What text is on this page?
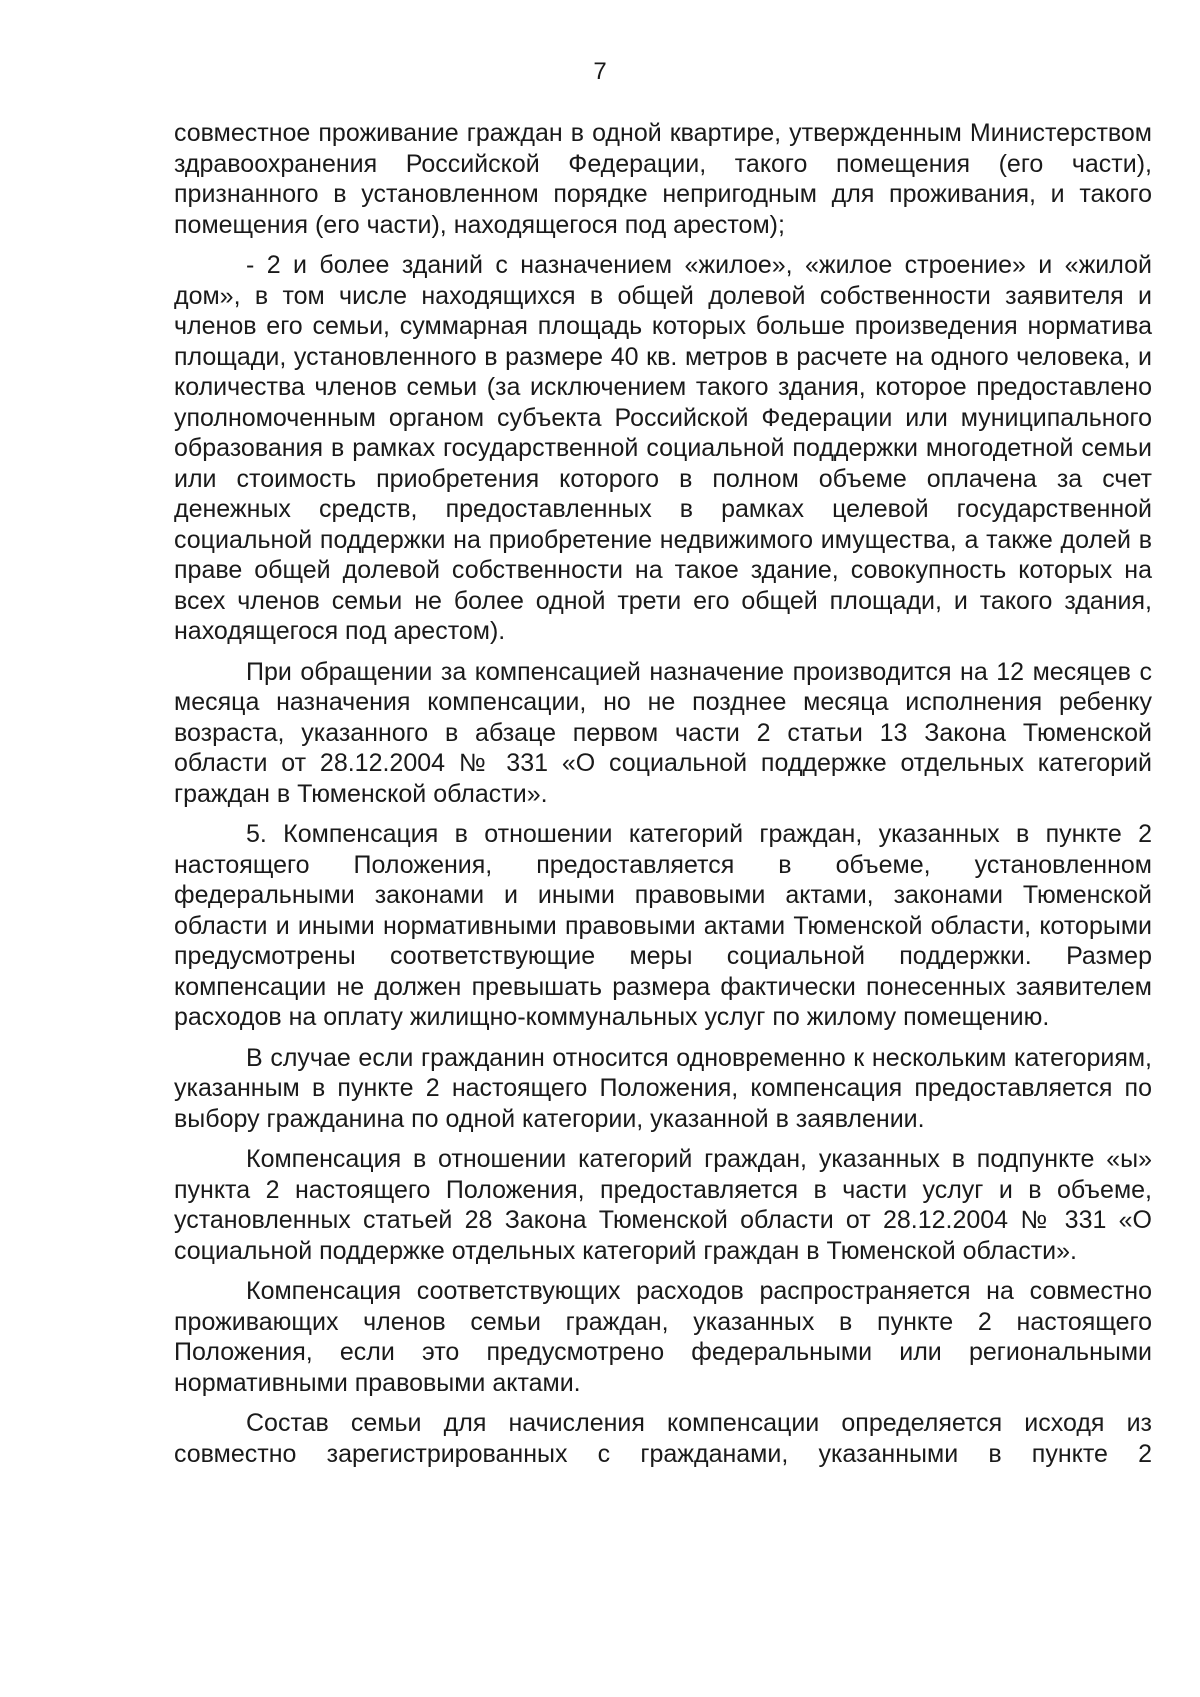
7

совместное проживание граждан в одной квартире, утвержденным Министерством здравоохранения Российской Федерации, такого помещения (его части), признанного в установленном порядке непригодным для проживания, и такого помещения (его части), находящегося под арестом);

- 2 и более зданий с назначением «жилое», «жилое строение» и «жилой дом», в том числе находящихся в общей долевой собственности заявителя и членов его семьи, суммарная площадь которых больше произведения норматива площади, установленного в размере 40 кв. метров в расчете на одного человека, и количества членов семьи (за исключением такого здания, которое предоставлено уполномоченным органом субъекта Российской Федерации или муниципального образования в рамках государственной социальной поддержки многодетной семьи или стоимость приобретения которого в полном объеме оплачена за счет денежных средств, предоставленных в рамках целевой государственной социальной поддержки на приобретение недвижимого имущества, а также долей в праве общей долевой собственности на такое здание, совокупность которых на всех членов семьи не более одной трети его общей площади, и такого здания, находящегося под арестом).

При обращении за компенсацией назначение производится на 12 месяцев с месяца назначения компенсации, но не позднее месяца исполнения ребенку возраста, указанного в абзаце первом части 2 статьи 13 Закона Тюменской области от 28.12.2004 № 331 «О социальной поддержке отдельных категорий граждан в Тюменской области».

5. Компенсация в отношении категорий граждан, указанных в пункте 2 настоящего Положения, предоставляется в объеме, установленном федеральными законами и иными правовыми актами, законами Тюменской области и иными нормативными правовыми актами Тюменской области, которыми предусмотрены соответствующие меры социальной поддержки. Размер компенсации не должен превышать размера фактически понесенных заявителем расходов на оплату жилищно-коммунальных услуг по жилому помещению.

В случае если гражданин относится одновременно к нескольким категориям, указанным в пункте 2 настоящего Положения, компенсация предоставляется по выбору гражданина по одной категории, указанной в заявлении.

Компенсация в отношении категорий граждан, указанных в подпункте «ы» пункта 2 настоящего Положения, предоставляется в части услуг и в объеме, установленных статьей 28 Закона Тюменской области от 28.12.2004 № 331 «О социальной поддержке отдельных категорий граждан в Тюменской области».

Компенсация соответствующих расходов распространяется на совместно проживающих членов семьи граждан, указанных в пункте 2 настоящего Положения, если это предусмотрено федеральными или региональными нормативными правовыми актами.

Состав семьи для начисления компенсации определяется исходя из совместно зарегистрированных с гражданами, указанными в пункте 2
